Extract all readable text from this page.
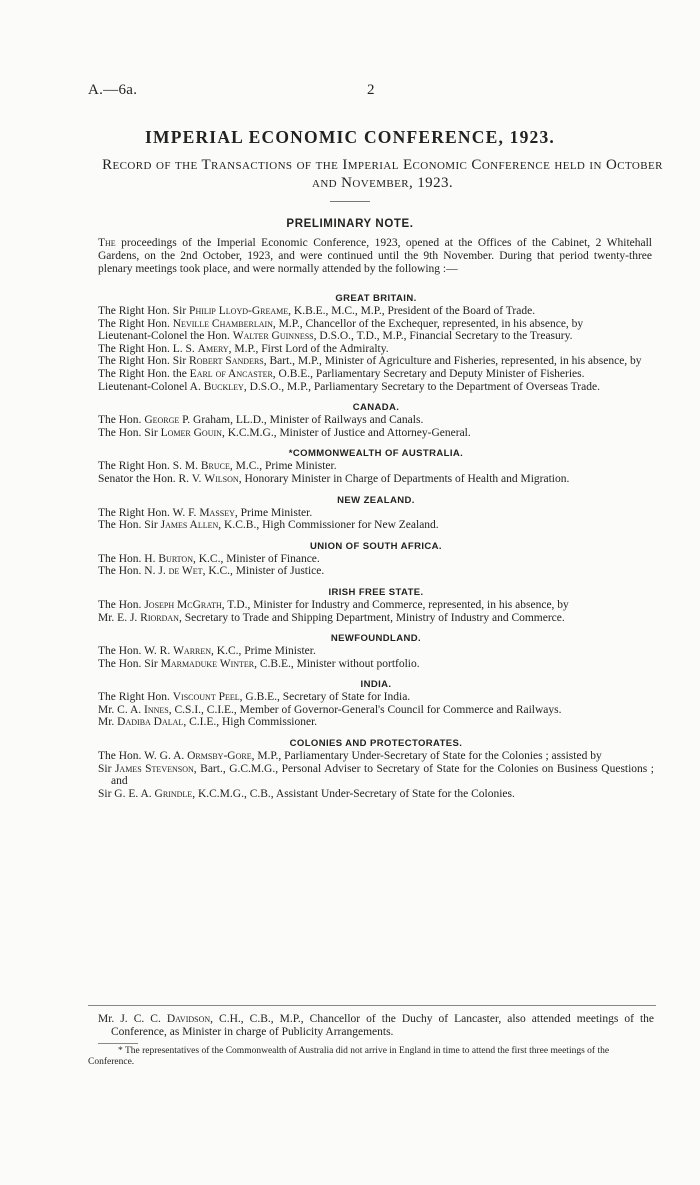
A.—6a.	2
IMPERIAL ECONOMIC CONFERENCE, 1923.
Record of the Transactions of the Imperial Economic Conference held in October and November, 1923.
PRELIMINARY NOTE.
The proceedings of the Imperial Economic Conference, 1923, opened at the Offices of the Cabinet, 2 Whitehall Gardens, on the 2nd October, 1923, and were continued until the 9th November. During that period twenty-three plenary meetings took place, and were normally attended by the following :—
GREAT BRITAIN.
The Right Hon. Sir Philip Lloyd-Greame, K.B.E., M.C., M.P., President of the Board of Trade.
The Right Hon. Neville Chamberlain, M.P., Chancellor of the Exchequer, represented, in his absence, by
Lieutenant-Colonel the Hon. Walter Guinness, D.S.O., T.D., M.P., Financial Secretary to the Treasury.
The Right Hon. L. S. Amery, M.P., First Lord of the Admiralty.
The Right Hon. Sir Robert Sanders, Bart., M.P., Minister of Agriculture and Fisheries, represented, in his absence, by
The Right Hon. the Earl of Ancaster, O.B.E., Parliamentary Secretary and Deputy Minister of Fisheries.
Lieutenant-Colonel A. Buckley, D.S.O., M.P., Parliamentary Secretary to the Department of Overseas Trade.
CANADA.
The Hon. George P. Graham, LL.D., Minister of Railways and Canals.
The Hon. Sir Lomer Gouin, K.C.M.G., Minister of Justice and Attorney-General.
*COMMONWEALTH OF AUSTRALIA.
The Right Hon. S. M. Bruce, M.C., Prime Minister.
Senator the Hon. R. V. Wilson, Honorary Minister in Charge of Departments of Health and Migration.
NEW ZEALAND.
The Right Hon. W. F. Massey, Prime Minister.
The Hon. Sir James Allen, K.C.B., High Commissioner for New Zealand.
UNION OF SOUTH AFRICA.
The Hon. H. Burton, K.C., Minister of Finance.
The Hon. N. J. de Wet, K.C., Minister of Justice.
IRISH FREE STATE.
The Hon. Joseph McGrath, T.D., Minister for Industry and Commerce, represented, in his absence, by
Mr. E. J. Riordan, Secretary to Trade and Shipping Department, Ministry of Industry and Commerce.
NEWFOUNDLAND.
The Hon. W. R. Warren, K.C., Prime Minister.
The Hon. Sir Marmaduke Winter, C.B.E., Minister without portfolio.
INDIA.
The Right Hon. Viscount Peel, G.B.E., Secretary of State for India.
Mr. C. A. Innes, C.S.I., C.I.E., Member of Governor-General's Council for Commerce and Railways.
Mr. Dadiba Dalal, C.I.E., High Commissioner.
COLONIES AND PROTECTORATES.
The Hon. W. G. A. Ormsby-Gore, M.P., Parliamentary Under-Secretary of State for the Colonies ; assisted by
Sir James Stevenson, Bart., G.C.M.G., Personal Adviser to Secretary of State for the Colonies on Business Questions ; and
Sir G. E. A. Grindle, K.C.M.G., C.B., Assistant Under-Secretary of State for the Colonies.
Mr. J. C. C. Davidson, C.H., C.B., M.P., Chancellor of the Duchy of Lancaster, also attended meetings of the Conference, as Minister in charge of Publicity Arrangements.
* The representatives of the Commonwealth of Australia did not arrive in England in time to attend the first three meetings of the Conference.
